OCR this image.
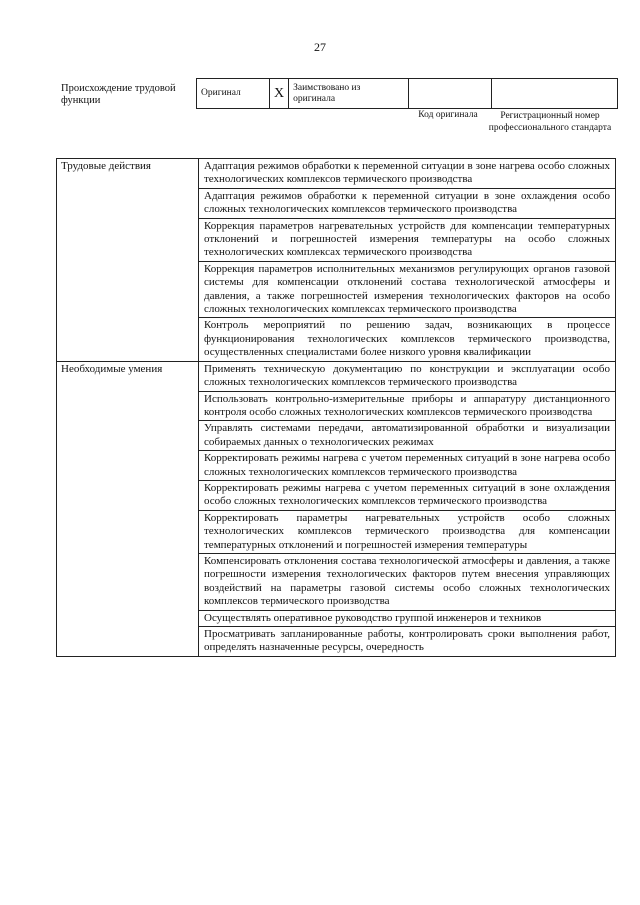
27
Происхождение трудовой функции
Оригинал	X	Заимствовано из оригинала		
Код оригинала	Регистрационный номер профессионального стандарта
Трудовые действия	Адаптация режимов обработки к переменной ситуации в зоне нагрева особо сложных технологических комплексов термического производства
	Адаптация режимов обработки к переменной ситуации в зоне охлаждения особо сложных технологических комплексов термического производства
	Коррекция параметров нагревательных устройств для компенсации температурных отклонений и погрешностей измерения температуры на особо сложных технологических комплексах термического производства
	Коррекция параметров исполнительных механизмов регулирующих органов газовой системы для компенсации отклонений состава технологической атмосферы и давления, а также погрешностей измерения технологических факторов на особо сложных технологических комплексах термического производства
	Контроль мероприятий по решению задач, возникающих в процессе функционирования технологических комплексов термического производства, осуществленных специалистами более низкого уровня квалификации
Необходимые умения	Применять техническую документацию по конструкции и эксплуатации особо сложных технологических комплексов термического производства
	Использовать контрольно-измерительные приборы и аппаратуру дистанционного контроля особо сложных технологических комплексов термического производства
	Управлять системами передачи, автоматизированной обработки и визуализации собираемых данных о технологических режимах
	Корректировать режимы нагрева с учетом переменных ситуаций в зоне нагрева особо сложных технологических комплексов термического производства
	Корректировать режимы нагрева с учетом переменных ситуаций в зоне охлаждения особо сложных технологических комплексов термического производства
	Корректировать параметры нагревательных устройств особо сложных технологических комплексов термического производства для компенсации температурных отклонений и погрешностей измерения температуры
	Компенсировать отклонения состава технологической атмосферы и давления, а также погрешности измерения технологических факторов путем внесения управляющих воздействий на параметры газовой системы особо сложных технологических комплексов термического производства
	Осуществлять оперативное руководство группой инженеров и техников
	Просматривать запланированные работы, контролировать сроки выполнения работ, определять назначенные ресурсы, очередность
